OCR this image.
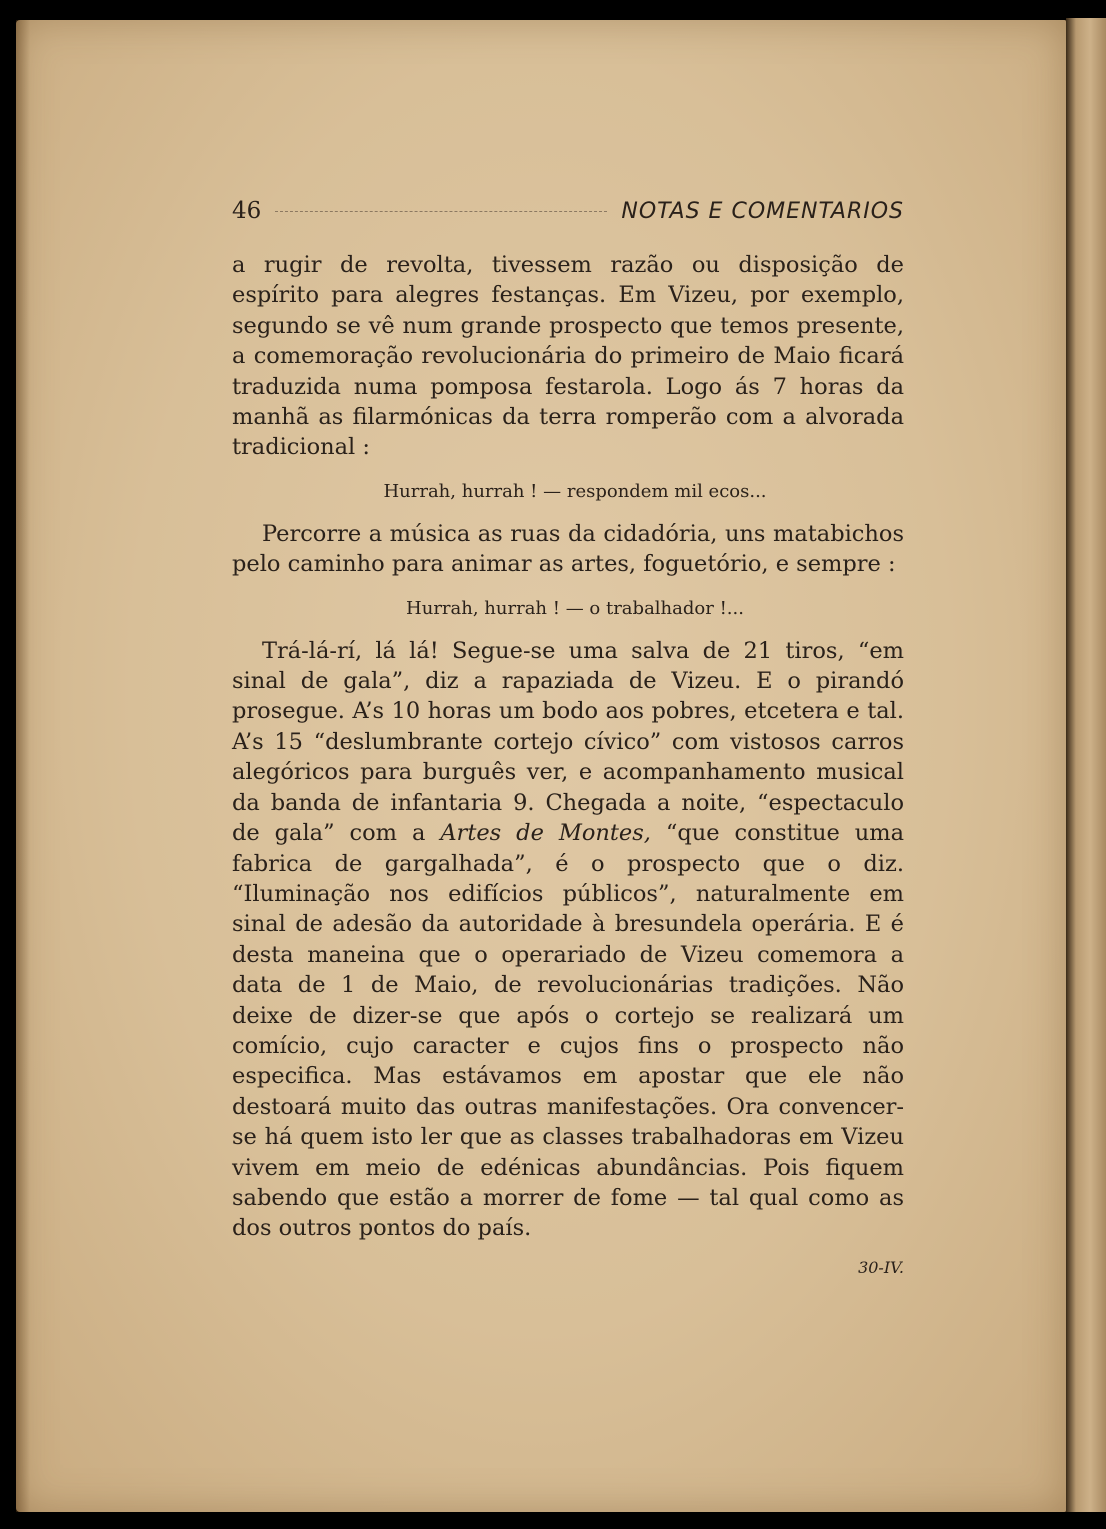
46	NOTAS E COMENTARIOS

a rugir de revolta, tivessem razão ou disposição de espírito para alegres festanças. Em Vizeu, por exemplo, segundo se vê num grande prospecto que temos presente, a comemoração revolucionária do primeiro de Maio ficará traduzida numa pomposa festarola. Logo ás 7 horas da manhã as filarmónicas da terra romperão com a alvorada tradicional :

Hurrah, hurrah ! — respondem mil ecos...

Percorre a música as ruas da cidadória, uns matabichos pelo caminho para animar as artes, foguetório, e sempre :

Hurrah, hurrah ! — o trabalhador !...

Trá-lá-rí, lá lá! Segue-se uma salva de 21 tiros, “em sinal de gala”, diz a rapaziada de Vizeu. E o pirandó prosegue. A’s 10 horas um bodo aos pobres, etcetera e tal. A’s 15 “deslumbrante cortejo cívico” com vistosos carros alegóricos para burguês ver, e acompanhamento musical da banda de infantaria 9. Chegada a noite, “espectaculo de gala” com a Artes de Montes, “que constitue uma fabrica de gargalhada”, é o prospecto que o diz. “Iluminação nos edifícios públicos”, naturalmente em sinal de adesão da autoridade à bresundela operária. E é desta maneina que o operariado de Vizeu comemora a data de 1 de Maio, de revolucionárias tradições. Não deixe de dizer-se que após o cortejo se realizará um comício, cujo caracter e cujos fins o prospecto não especifica. Mas estávamos em apostar que ele não destoará muito das outras manifestações. Ora convencer-se há quem isto ler que as classes trabalhadoras em Vizeu vivem em meio de edénicas abundâncias. Pois fiquem sabendo que estão a morrer de fome — tal qual como as dos outros pontos do país.

30-IV.
